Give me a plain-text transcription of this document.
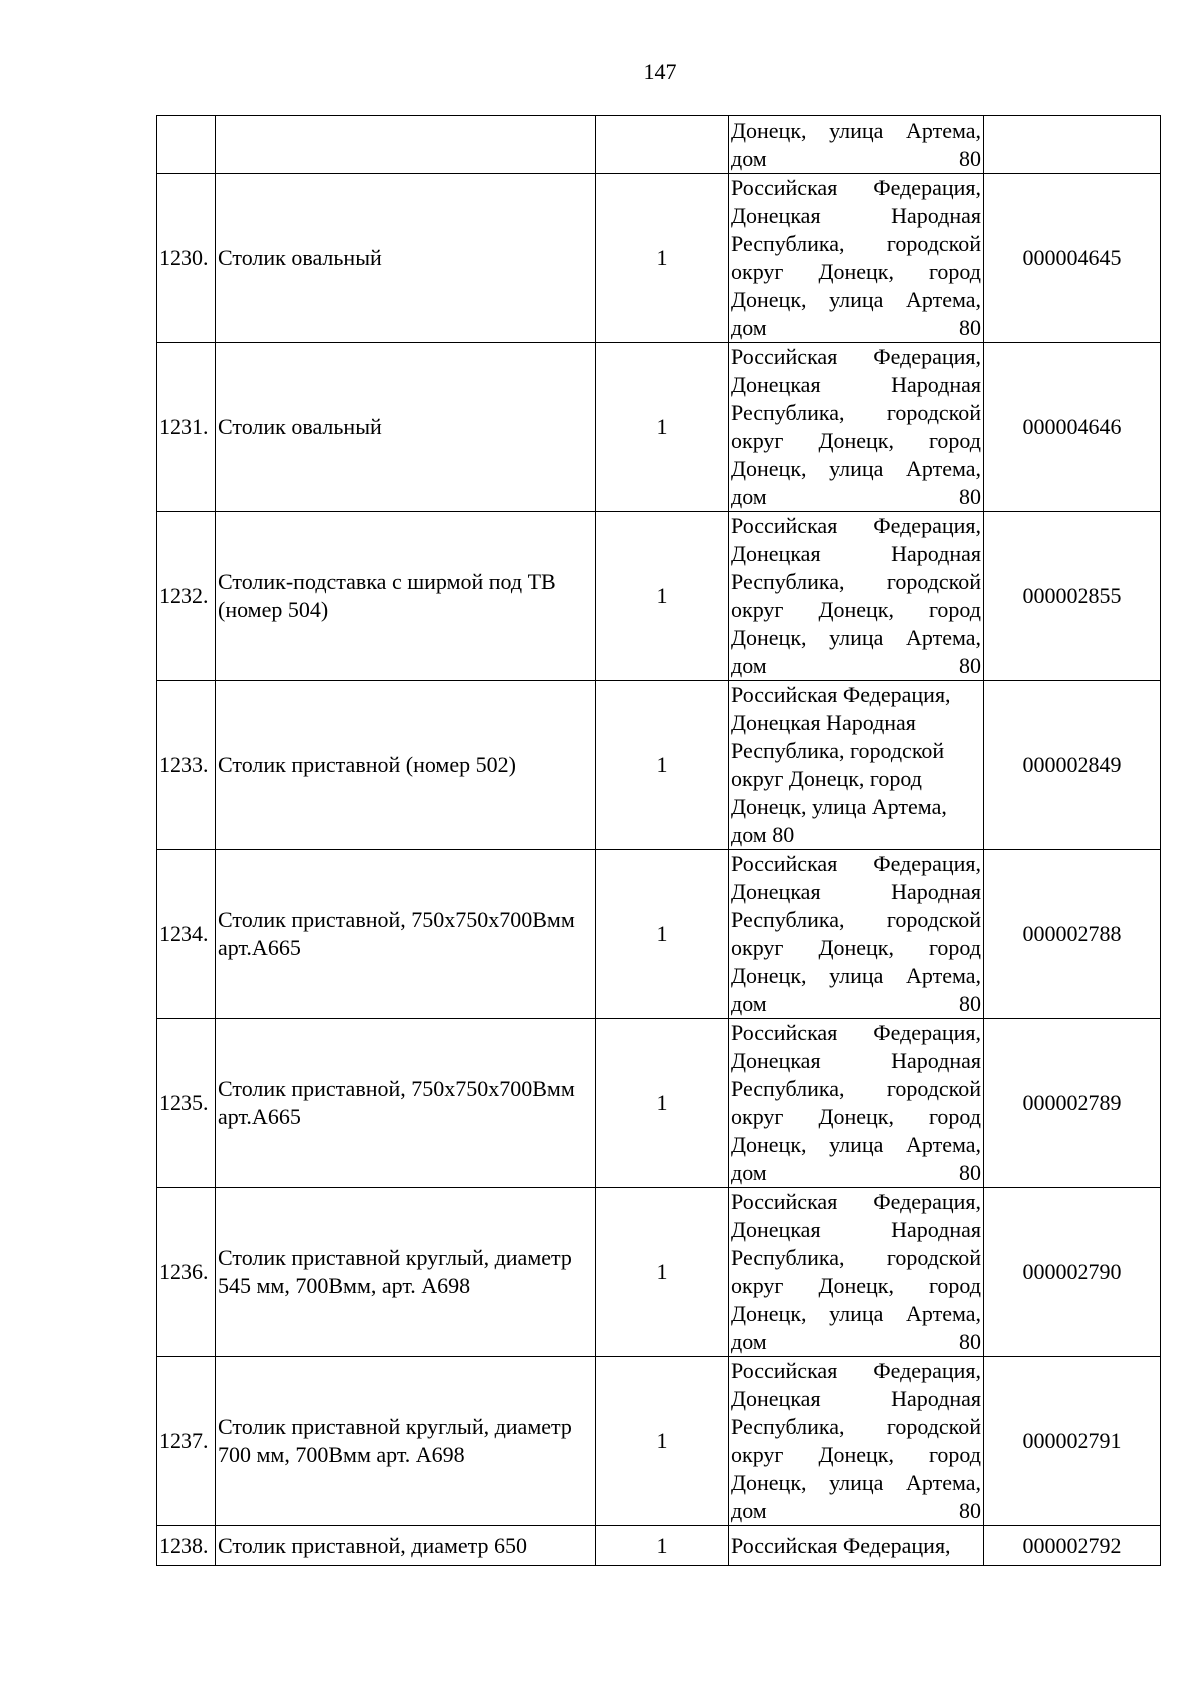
147
			Донецк, улица Артема, дом 80	
1230.	Столик овальный	1	Российская Федерация, Донецкая Народная Республика, городской округ Донецк, город Донецк, улица Артема, дом 80	000004645
1231.	Столик овальный	1	Российская Федерация, Донецкая Народная Республика, городской округ Донецк, город Донецк, улица Артема, дом 80	000004646
1232.	Столик-подставка с ширмой под ТВ (номер 504)	1	Российская Федерация, Донецкая Народная Республика, городской округ Донецк, город Донецк, улица Артема, дом 80	000002855
1233.	Столик приставной (номер 502)	1	Российская Федерация, Донецкая Народная Республика, городской округ Донецк, город Донецк, улица Артема, дом 80	000002849
1234.	Столик приставной, 750х750х700Вмм арт.А665	1	Российская Федерация, Донецкая Народная Республика, городской округ Донецк, город Донецк, улица Артема, дом 80	000002788
1235.	Столик приставной, 750х750х700Вмм арт.А665	1	Российская Федерация, Донецкая Народная Республика, городской округ Донецк, город Донецк, улица Артема, дом 80	000002789
1236.	Столик приставной круглый, диаметр 545 мм, 700Вмм, арт. А698	1	Российская Федерация, Донецкая Народная Республика, городской округ Донецк, город Донецк, улица Артема, дом 80	000002790
1237.	Столик приставной круглый, диаметр 700 мм, 700Вмм арт. А698	1	Российская Федерация, Донецкая Народная Республика, городской округ Донецк, город Донецк, улица Артема, дом 80	000002791
1238.	Столик приставной, диаметр 650	1	Российская Федерация,	000002792
